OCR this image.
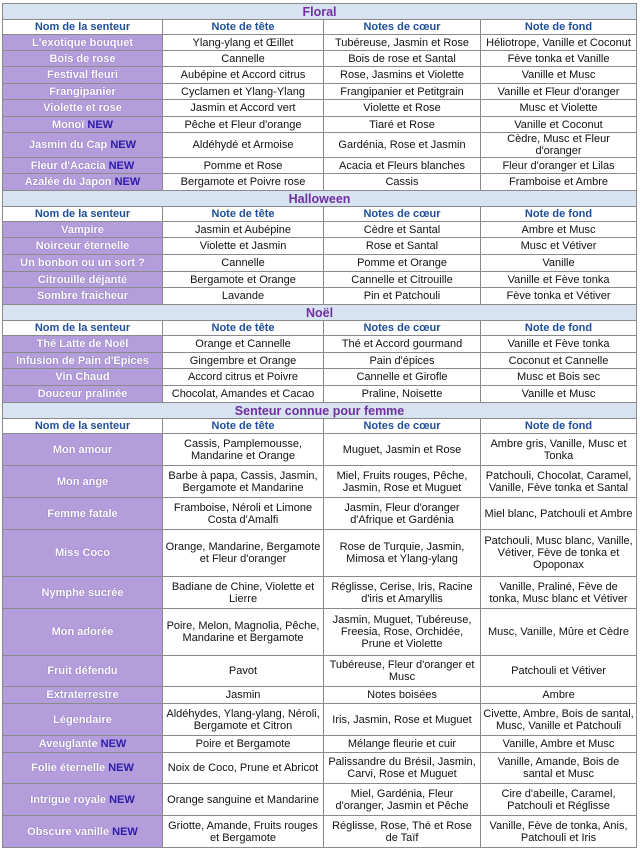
Floral			
Nom de la senteur	Note de tête	Notes de cœur	Note de fond
L'exotique bouquet	Ylang-ylang et Œillet	Tubéreuse, Jasmin et Rose	Héliotrope, Vanille et Coconut
Bois de rose	Cannelle	Bois de rose et Santal	Fève tonka et Vanille
Festival fleuri	Aubépine et Accord citrus	Rose, Jasmins et Violette	Vanille et Musc
Frangipanier	Cyclamen et Ylang-Ylang	Frangipanier et Petitgrain	Vanille et Fleur d'oranger
Violette et rose	Jasmin et Accord vert	Violette et Rose	Musc et Violette
Monoï NEW	Pêche et Fleur d'orange	Tiaré et Rose	Vanille et Coconut
Jasmin du Cap NEW	Aldéhydé et Armoise	Gardénia, Rose et Jasmin	Cèdre, Musc et Fleur d'oranger
Fleur d'Acacia NEW	Pomme et Rose	Acacia et Fleurs blanches	Fleur d'oranger et Lilas
Azalée du Japon NEW	Bergamote et Poivre rose	Cassis	Framboise et Ambre
Halloween			
Nom de la senteur	Note de tête	Notes de cœur	Note de fond
Vampire	Jasmin et Aubépine	Cèdre et Santal	Ambre et Musc
Noirceur éternelle	Violette et Jasmin	Rose et Santal	Musc et Vétiver
Un bonbon ou un sort ?	Cannelle	Pomme et Orange	Vanille
Citrouille déjanté	Bergamote et Orange	Cannelle et Citrouille	Vanille et Fève tonka
Sombre fraicheur	Lavande	Pin et Patchouli	Fève tonka et Vétiver
Noël			
Nom de la senteur	Note de tête	Notes de cœur	Note de fond
Thé Latte de Noël	Orange et Cannelle	Thé et Accord gourmand	Vanille et Fève tonka
Infusion de Pain d'Epices	Gingembre et Orange	Pain d'épices	Coconut et Cannelle
Vin Chaud	Accord citrus et Poivre	Cannelle et Girofle	Musc et Bois sec
Douceur pralinée	Chocolat, Amandes et Cacao	Praline, Noisette	Vanille et Musc
Senteur connue pour femme			
Nom de la senteur	Note de tête	Notes de cœur	Note de fond
Mon amour	Cassis, Pamplemousse, Mandarine et Orange	Muguet, Jasmin et Rose	Ambre gris, Vanille, Musc et Tonka
Mon ange	Barbe à papa, Cassis, Jasmin, Bergamote et Mandarine	Miel, Fruits rouges, Pêche, Jasmin, Rose et Muguet	Patchouli, Chocolat, Caramel, Vanille, Fève tonka et Santal
Femme fatale	Framboise, Néroli et Limone Costa d'Amalfi	Jasmin, Fleur d'oranger d'Afrique et Gardénia	Miel blanc, Patchouli et Ambre
Miss Coco	Orange, Mandarine, Bergamote et Fleur d'oranger	Rose de Turquie, Jasmin, Mimosa et Ylang-ylang	Patchouli, Musc blanc, Vanille, Vétiver, Fève de tonka et Opoponax
Nymphe sucrée	Badiane de Chine, Violette et Lierre	Réglisse, Cerise, Iris, Racine d'iris et Amaryllis	Vanille, Praliné, Fève de tonka, Musc blanc et Vétiver
Mon adorée	Poire, Melon, Magnolia, Pêche, Mandarine et Bergamote	Jasmin, Muguet, Tubéreuse, Freesia, Rose, Orchidée, Prune et Violette	Musc, Vanille, Mûre et Cèdre
Fruit défendu	Pavot	Tubéreuse, Fleur d'oranger et Musc	Patchouli et Vétiver
Extraterrestre	Jasmin	Notes boisées	Ambre
Légendaire	Aldéhydes, Ylang-ylang, Néroli, Bergamote et Citron	Iris, Jasmin, Rose et Muguet	Civette, Ambre, Bois de santal, Musc, Vanille et Patchouli
Aveuglante NEW	Poire et Bergamote	Mélange fleurie et cuir	Vanille, Ambre et Musc
Folie éternelle NEW	Noix de Coco, Prune et Abricot	Palissandre du Brésil, Jasmin, Carvi, Rose et Muguet	Vanille, Amande, Bois de santal et Musc
Intrigue royale NEW	Orange sanguine et Mandarine	Miel, Gardénia, Fleur d'oranger, Jasmin et Pêche	Cire d'abeille, Caramel, Patchouli et Réglisse
Obscure vanille NEW	Griotte, Amande, Fruits rouges et Bergamote	Réglisse, Rose, Thé et Rose de Taïf	Vanille, Fève de tonka, Anis, Patchouli et Iris
